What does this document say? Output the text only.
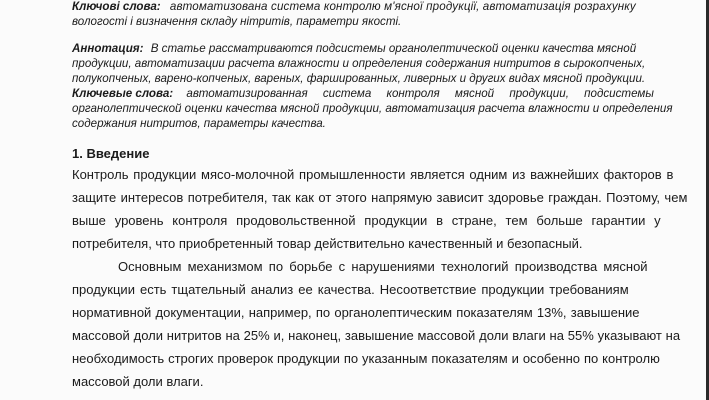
Ключові слова: автоматизована система контролю м'ясної продукції, автоматизація розрахунку
вологості і визначення складу нітритів, параметри якості.
Аннотация: В статье рассматриваются подсистемы органолептической оценки качества мясной
продукции, автоматизации расчета влажности и определения содержания нитритов в сырокопченых,
полукопченых, варено-копченых, вареных, фаршированных, ливерных и других видах мясной продукции.
Ключевые слова: автоматизированная система контроля мясной продукции, подсистемы
органолептической оценки качества мясной продукции, автоматизация расчета влажности и определения
содержания нитритов, параметры качества.
1. Введение
Контроль продукции мясо-молочной промышленности является одним из важнейших факторов в
защите интересов потребителя, так как от этого напрямую зависит здоровье граждан. Поэтому, чем
выше уровень контроля продовольственной продукции в стране, тем больше гарантии у
потребителя, что приобретенный товар действительно качественный и безопасный.
Основным механизмом по борьбе с нарушениями технологий производства мясной
продукции есть тщательный анализ ее качества. Несоответствие продукции требованиям
нормативной документации, например, по органолептическим показателям 13%, завышение
массовой доли нитритов на 25% и, наконец, завышение массовой доли влаги на 55% указывают на
необходимость строгих проверок продукции по указанным показателям и особенно по контролю
массовой доли влаги.
